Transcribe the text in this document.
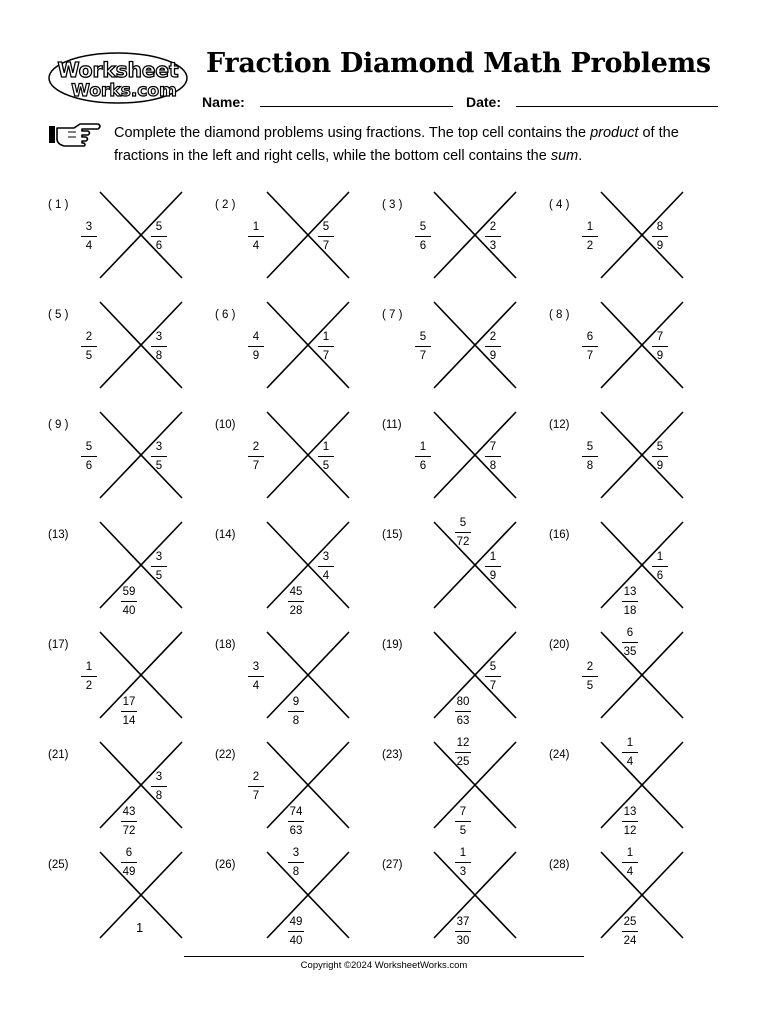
Worksheet
Works.com
Fraction Diamond Math Problems
Name:	Date:
Complete the diamond problems using fractions. The top cell contains the product of the fractions in the left and right cells, while the bottom cell contains the sum.
( 1 )
3
4
5
6
( 2 )
1
4
5
7
( 3 )
5
6
2
3
( 4 )
1
2
8
9
( 5 )
2
5
3
8
( 6 )
4
9
1
7
( 7 )
5
7
2
9
( 8 )
6
7
7
9
( 9 )
5
6
3
5
(10)
2
7
1
5
(11)
1
6
7
8
(12)
5
8
5
9
(13)
3
5
59
40
(14)
3
4
45
28
(15)
5
72
1
9
(16)
1
6
13
18
(17)
1
2
17
14
(18)
3
4
9
8
(19)
5
7
80
63
(20)
6
35
2
5
(21)
3
8
43
72
(22)
2
7
74
63
(23)
12
25
7
5
(24)
1
4
13
12
(25)
6
49
1
(26)
3
8
49
40
(27)
1
3
37
30
(28)
1
4
25
24
Copyright ©2024 WorksheetWorks.com
